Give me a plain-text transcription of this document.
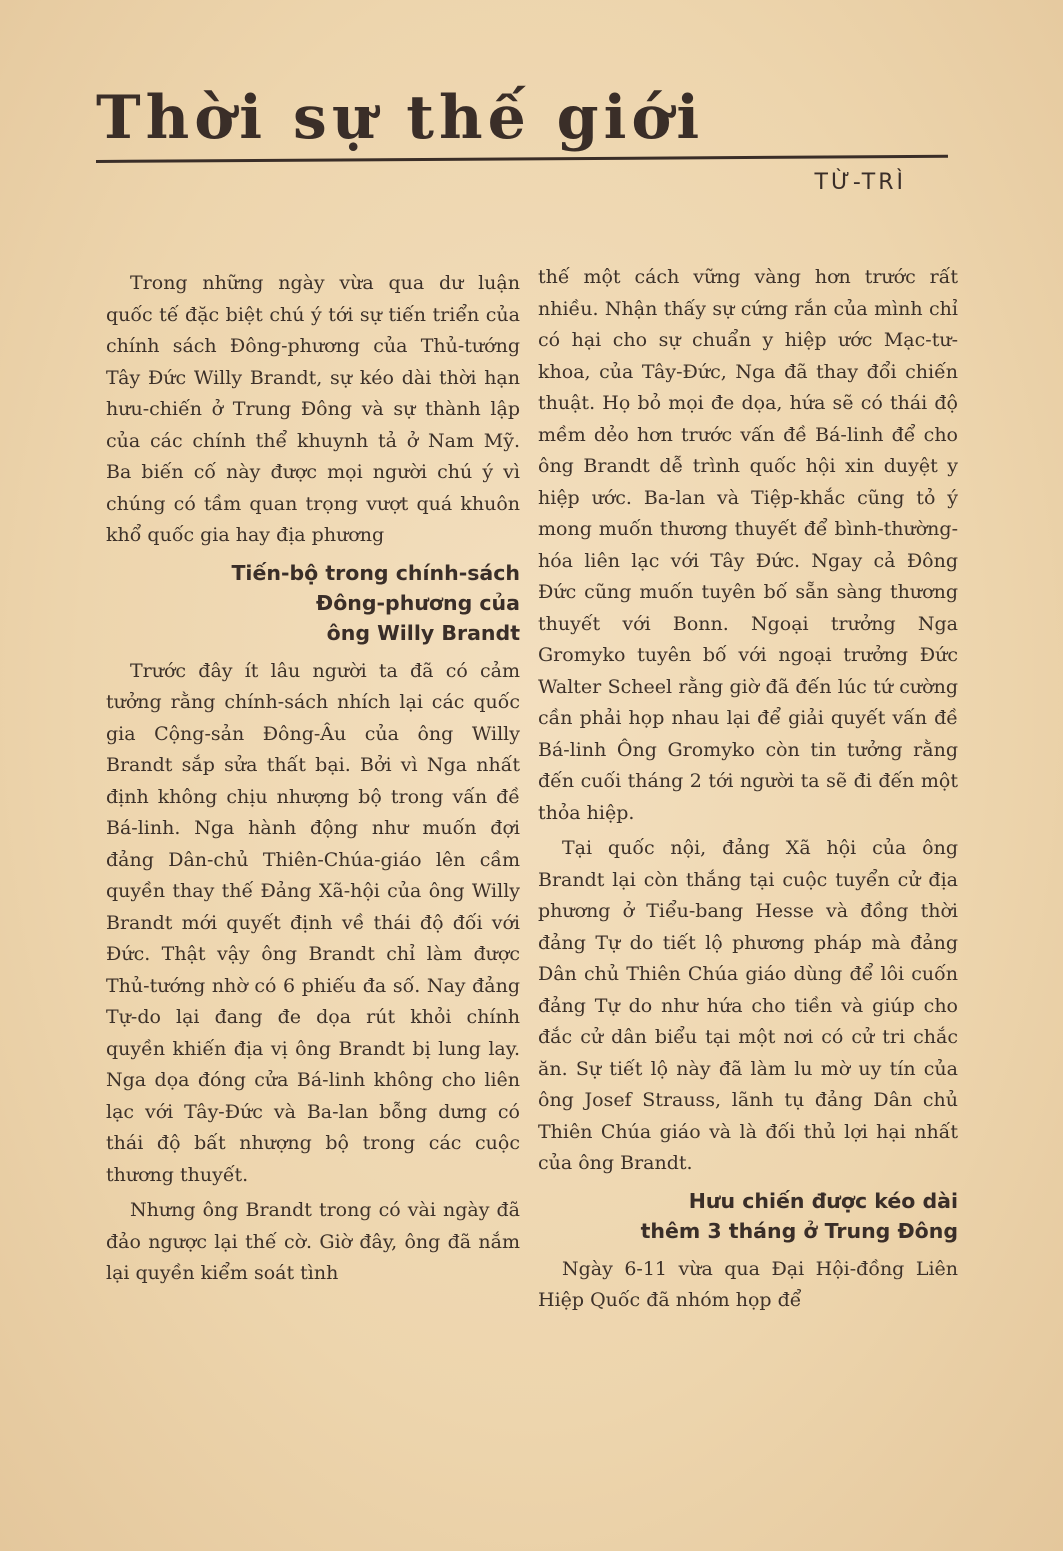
Thời sự thế giới
TỪ-TRÌ

Trong những ngày vừa qua dư luận quốc tế đặc biệt chú ý tới sự tiến triển của chính sách Đông-phương của Thủ-tướng Tây Đức Willy Brandt, sự kéo dài thời hạn hưu-chiến ở Trung Đông và sự thành lập của các chính thể khuynh tả ở Nam Mỹ. Ba biến cố này được mọi người chú ý vì chúng có tầm quan trọng vượt quá khuôn khổ quốc gia hay địa phương

Tiến-bộ trong chính-sách
Đông-phương của
ông Willy Brandt

Trước đây ít lâu người ta đã có cảm tưởng rằng chính-sách nhích lại các quốc gia Cộng-sản Đông-Âu của ông Willy Brandt sắp sửa thất bại. Bởi vì Nga nhất định không chịu nhượng bộ trong vấn đề Bá-linh. Nga hành động như muốn đợi đảng Dân-chủ Thiên-Chúa-giáo lên cầm quyền thay thế Đảng Xã-hội của ông Willy Brandt mới quyết định về thái độ đối với Đức. Thật vậy ông Brandt chỉ làm được Thủ-tướng nhờ có 6 phiếu đa số. Nay đảng Tự-do lại đang đe dọa rút khỏi chính quyền khiến địa vị ông Brandt bị lung lay. Nga dọa đóng cửa Bá-linh không cho liên lạc với Tây-Đức và Ba-lan bỗng dưng có thái độ bất nhượng bộ trong các cuộc thương thuyết.

Nhưng ông Brandt trong có vài ngày đã đảo ngược lại thế cờ. Giờ đây, ông đã nắm lại quyền kiểm soát tình

thế một cách vững vàng hơn trước rất nhiều. Nhận thấy sự cứng rắn của mình chỉ có hại cho sự chuẩn y hiệp ước Mạc-tư-khoa, của Tây-Đức, Nga đã thay đổi chiến thuật. Họ bỏ mọi đe dọa, hứa sẽ có thái độ mềm dẻo hơn trước vấn đề Bá-linh để cho ông Brandt dễ trình quốc hội xin duyệt y hiệp ước. Ba-lan và Tiệp-khắc cũng tỏ ý mong muốn thương thuyết để bình-thường-hóa liên lạc với Tây Đức. Ngay cả Đông Đức cũng muốn tuyên bố sẵn sàng thương thuyết với Bonn. Ngoại trưởng Nga Gromyko tuyên bố với ngoại trưởng Đức Walter Scheel rằng giờ đã đến lúc tứ cường cần phải họp nhau lại để giải quyết vấn đề Bá-linh Ông Gromyko còn tin tưởng rằng đến cuối tháng 2 tới người ta sẽ đi đến một thỏa hiệp.

Tại quốc nội, đảng Xã hội của ông Brandt lại còn thắng tại cuộc tuyển cử địa phương ở Tiểu-bang Hesse và đồng thời đảng Tự do tiết lộ phương pháp mà đảng Dân chủ Thiên Chúa giáo dùng để lôi cuốn đảng Tự do như hứa cho tiền và giúp cho đắc cử dân biểu tại một nơi có cử tri chắc ăn. Sự tiết lộ này đã làm lu mờ uy tín của ông Josef Strauss, lãnh tụ đảng Dân chủ Thiên Chúa giáo và là đối thủ lợi hại nhất của ông Brandt.

Hưu chiến được kéo dài
thêm 3 tháng ở Trung Đông

Ngày 6-11 vừa qua Đại Hội-đồng Liên Hiệp Quốc đã nhóm họp để
